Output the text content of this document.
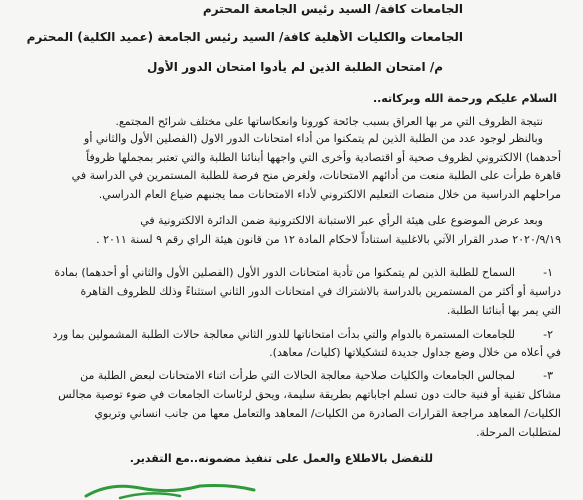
الجامعات كافة/ السيد رئيس الجامعة المحترم
الجامعات والكليات الأهلية كافة/ السيد رئيس الجامعة (عميد الكلية) المحترم
م/ امتحان الطلبة الذين لم يأدوا امتحان الدور الأول
السلام عليكم ورحمة الله وبركاته..
نتيجة الظروف التي مر بها العراق بسبب جائحة كورونا وانعكاساتها على مختلف شرائح المجتمع.
وبالنظر لوجود عدد من الطلبة الذين لم يتمكنوا من أداء امتحانات الدور الاول (الفصلين الأول والثاني أو
أحدهما) الالكتروني لظروف صحية أو اقتصادية وأخرى التي واجهها أبنائنا الطلبة والتي تعتبر بمجملها ظروفاً
قاهرة طرأت على الطلبة منعت من أدائهم الامتحانات، ولغرض منح فرصة للطلبة المستمرين في الدراسة في
مراحلهم الدراسية من خلال منصات التعليم الالكتروني لأداء الامتحانات مما يجنبهم ضياع العام الدراسي.
وبعد عرض الموضوع على هيئة الرأي عبر الاستبانة الالكترونية ضمن الدائرة الالكترونية في
٢٠٢٠/٩/١٩ صدر القرار الآتي بالاغلبية استناداً لاحكام المادة ١٢ من قانون هيئة الراي رقم ٩ لسنة ٢٠١١ .
١-
السماح للطلبة الذين لم يتمكنوا من تأدية امتحانات الدور الأول (الفصلين الأول والثاني أو أحدهما) بمادة
دراسية أو أكثر من المستمرين بالدراسة بالاشتراك في امتحانات الدور الثاني استثناءً وذلك للظروف القاهرة
التي يمر بها أبنائنا الطلبة.
٢-
للجامعات المستمرة بالدوام والتي بدأت امتحاناتها للدور الثاني معالجة حالات الطلبة المشمولين بما ورد
في أعلاه من خلال وضع جداول جديدة لتشكيلاتها (كليات/ معاهد).
٣-
لمجالس الجامعات والكليات صلاحية معالجة الحالات التي طرأت اثناء الامتحانات لبعض الطلبة من
مشاكل تقنية أو فنية حالت دون تسلم اجاباتهم بطريقة سليمة، ويحق لرئاسات الجامعات في ضوء توصية مجالس
الكليات/ المعاهد مراجعة القرارات الصادرة من الكليات/ المعاهد والتعامل معها من جانب انساني وتربوي
لمتطلبات المرحلة.
للتفضل بالاطلاع والعمل على تنفيذ مضمونه..مع التقدير.
